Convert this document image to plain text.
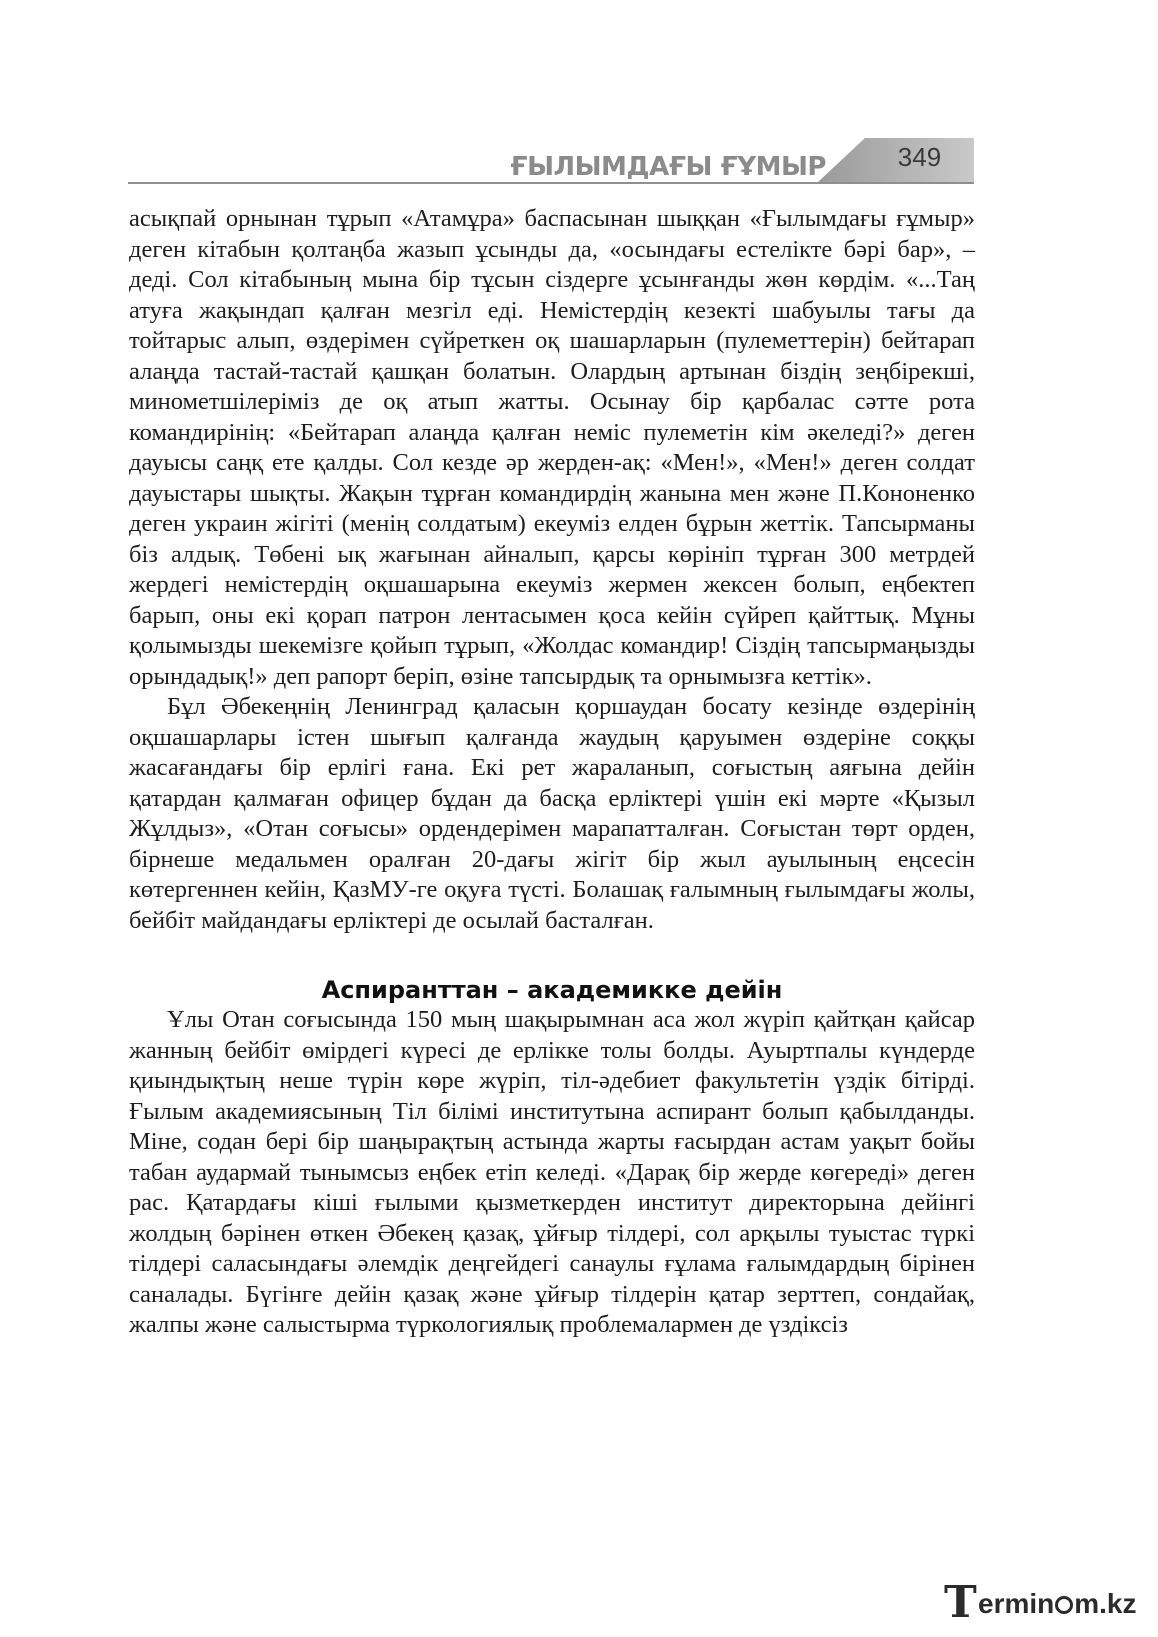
ҒЫЛЫМДАҒЫ ҒҰМЫР	349

асықпай орнынан тұрып «Атамұра» баспасынан шыққан «Ғылымдағы ғұмыр» деген кітабын қолтаңба жазып ұсынды да, «осындағы естелікте бәрі бар», – деді. Сол кітабының мына бір тұсын сіздерге ұсынғанды жөн көрдім. «...Таң атуға жақындап қалған мезгіл еді. Немістердің кезекті шабуылы тағы да тойтарыс алып, өздерімен сүйреткен оқ шашарларын (пулеметтерін) бейтарап алаңда тастай-тастай қашқан болатын. Олардың артынан біздің зеңбірекші, минометшілеріміз де оқ атып жатты. Осынау бір қарбалас сәтте рота командирінің: «Бейтарап алаңда қалған неміс пулеметін кім әкеледі?» деген дауысы саңқ ете қалды. Сол кезде әр жерден-ақ: «Мен!», «Мен!» деген солдат дауыстары шықты. Жақын тұрған командирдің жанына мен және П.Кононенко деген украин жігіті (менің солдатым) екеуміз елден бұрын жеттік. Тапсырманы біз алдық. Төбені ық жағынан айналып, қарсы көрініп тұрған 300 метрдей жердегі немістердің оқшашарына екеуміз жермен жексен болып, еңбектеп барып, оны екі қорап патрон лентасымен қоса кейін сүйреп қайттық. Мұны қолымызды шекемізге қойып тұрып, «Жолдас командир! Сіздің тапсырмаңызды орындадық!» деп рапорт беріп, өзіне тапсырдық та орнымызға кеттік».

Бұл Әбекеңнің Ленинград қаласын қоршаудан босату кезінде өздерінің оқшашарлары істен шығып қалғанда жаудың қаруымен өздеріне соққы жасағандағы бір ерлігі ғана. Екі рет жараланып, соғыстың аяғына дейін қатардан қалмаған офицер бұдан да басқа ерліктері үшін екі мәрте «Қызыл Жұлдыз», «Отан соғысы» ордендерімен марапатталған. Соғыстан төрт орден, бірнеше медальмен оралған 20-дағы жігіт бір жыл ауылының еңсесін көтергеннен кейін, ҚазМУ-ге оқуға түсті. Болашақ ғалымның ғылымдағы жолы, бейбіт майдандағы ерліктері де осылай басталған.

Аспиранттан – академикке дейін

Ұлы Отан соғысында 150 мың шақырымнан аса жол жүріп қайтқан қайсар жанның бейбіт өмірдегі күресі де ерлікке толы болды. Ауыртпалы күндерде қиындықтың неше түрін көре жүріп, тіл-әдебиет факультетін үздік бітірді. Ғылым академиясының Тіл білімі институтына аспирант болып қабылданды. Міне, содан бері бір шаңырақтың астында жарты ғасырдан астам уақыт бойы табан аудармай тынымсыз еңбек етіп келеді. «Дарақ бір жерде көгереді» деген рас. Қатардағы кіші ғылыми қызметкерден институт директорына дейінгі жолдың бәрінен өткен Әбекең қазақ, ұйғыр тілдері, сол арқылы туыстас түркі тілдері саласындағы әлемдік деңгейдегі санаулы ғұлама ғалымдардың бірінен саналады. Бүгінге дейін қазақ және ұйғыр тілдерін қатар зерттеп, сондайақ, жалпы және салыстырма түркологиялық проблемалармен де үздіксіз

T ermin m.kz
